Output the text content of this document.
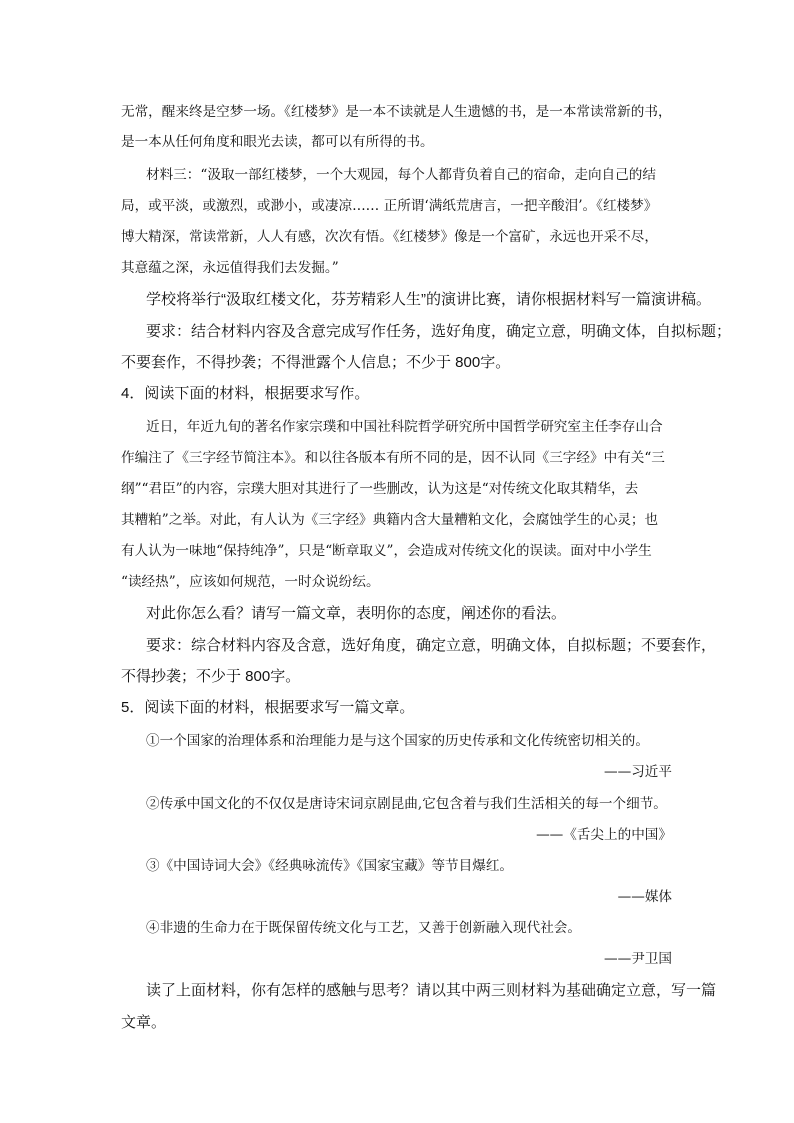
无常，醒来终是空梦一场。《红楼梦》是一本不读就是人生遗憾的书，是一本常读常新的书，
是一本从任何角度和眼光去读，都可以有所得的书。
材料三：“汲取一部红楼梦，一个大观园，每个人都背负着自己的宿命，走向自己的结
局，或平淡，或激烈，或渺小，或凄凉…… 正所谓‘满纸荒唐言，一把辛酸泪’。《红楼梦》
博大精深，常读常新，人人有感，次次有悟。《红楼梦》像是一个富矿，永远也开采不尽，
其意蕴之深，永远值得我们去发掘。”
学校将举行“汲取红楼文化，芬芳精彩人生”的演讲比赛，请你根据材料写一篇演讲稿。
要求：结合材料内容及含意完成写作任务，选好角度，确定立意，明确文体，自拟标题；
不要套作，不得抄袭；不得泄露个人信息；不少于 800字。
4．阅读下面的材料，根据要求写作。
近日，年近九旬的著名作家宗璞和中国社科院哲学研究所中国哲学研究室主任李存山合
作编注了《三字经节简注本》。和以往各版本有所不同的是，因不认同《三字经》中有关“三
纲”“君臣”的内容，宗璞大胆对其进行了一些删改，认为这是“对传统文化取其精华，去
其糟粕”之举。对此，有人认为《三字经》典籍内含大量糟粕文化，会腐蚀学生的心灵；也
有人认为一味地“保持纯净”，只是“断章取义”，会造成对传统文化的误读。面对中小学生
“读经热”，应该如何规范，一时众说纷纭。
对此你怎么看？请写一篇文章，表明你的态度，阐述你的看法。
要求：综合材料内容及含意，选好角度，确定立意，明确文体，自拟标题；不要套作，
不得抄袭；不少于 800字。
5．阅读下面的材料，根据要求写一篇文章。
①一个国家的治理体系和治理能力是与这个国家的历史传承和文化传统密切相关的。
——习近平
②传承中国文化的不仅仅是唐诗宋词京剧昆曲,它包含着与我们生活相关的每一个细节。
——《舌尖上的中国》
③《中国诗词大会》《经典咏流传》《国家宝藏》等节目爆红。
——媒体
④非遗的生命力在于既保留传统文化与工艺，又善于创新融入现代社会。
——尹卫国
读了上面材料，你有怎样的感触与思考？请以其中两三则材料为基础确定立意，写一篇
文章。
